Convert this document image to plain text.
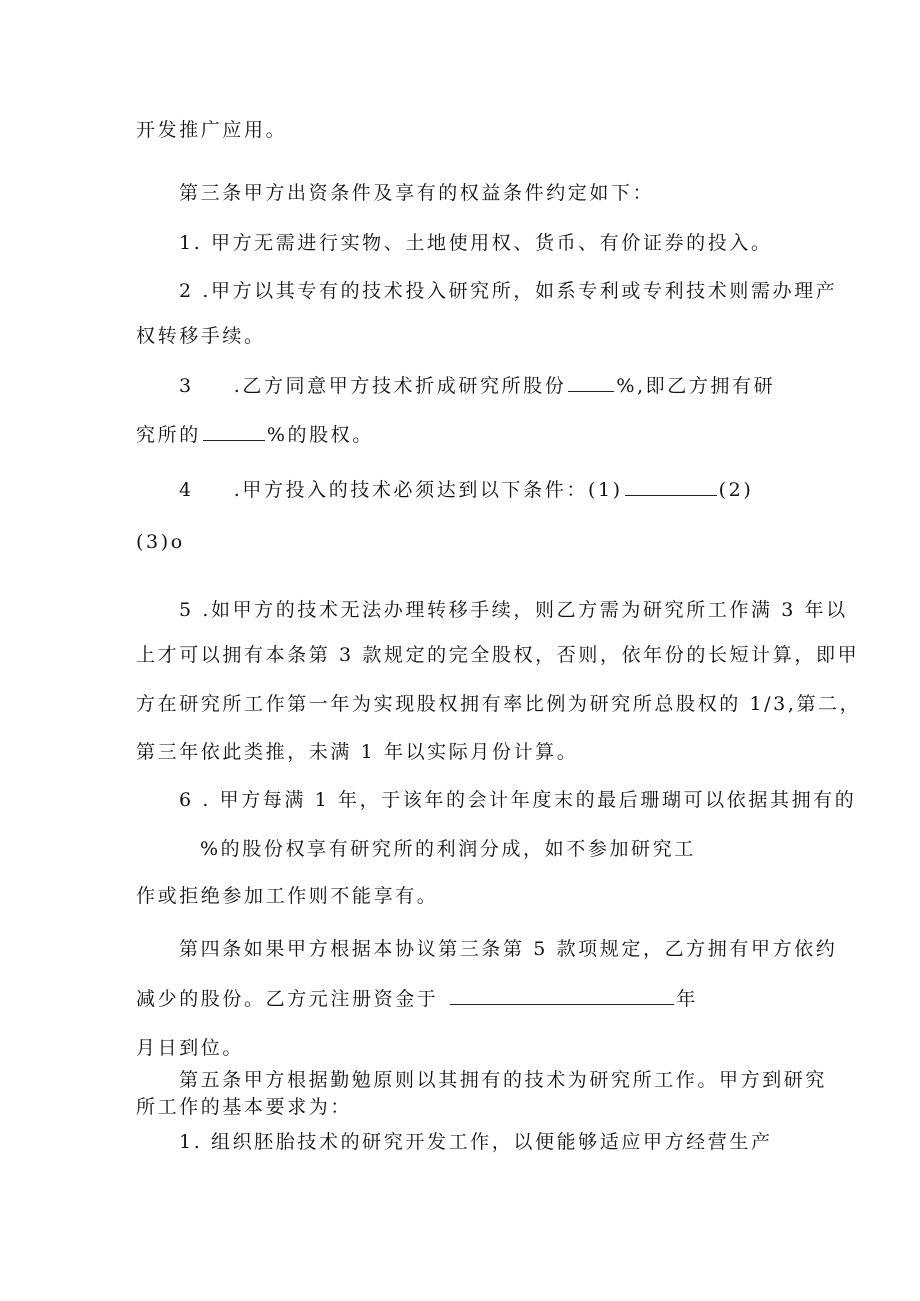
开发推广应用。
第三条甲方出资条件及享有的权益条件约定如下：
1. 甲方无需进行实物、土地使用权、货币、有价证券的投入。
2 .甲方以其专有的技术投入研究所，如系专利或专利技术则需办理产
权转移手续。
3 .乙方同意甲方技术折成研究所股份	%,即乙方拥有研
究所的	%的股权。
4 .甲方投入的技术必须达到以下条件：(1)	(2)
(3)o
5 .如甲方的技术无法办理转移手续，则乙方需为研究所工作满 3 年以
上才可以拥有本条第 3 款规定的完全股权，否则，依年份的长短计算，即甲
方在研究所工作第一年为实现股权拥有率比例为研究所总股权的 1/3,第二，
第三年依此类推，未满 1 年以实际月份计算。
6 . 甲方每满 1 年，于该年的会计年度末的最后珊瑚可以依据其拥有的
%的股份权享有研究所的利润分成，如不参加研究工
作或拒绝参加工作则不能享有。
第四条如果甲方根据本协议第三条第 5 款项规定，乙方拥有甲方依约
减少的股份。乙方元注册资金于	年
月日到位。
第五条甲方根据勤勉原则以其拥有的技术为研究所工作。甲方到研究
所工作的基本要求为：
1. 组织胚胎技术的研究开发工作，以便能够适应甲方经营生产
